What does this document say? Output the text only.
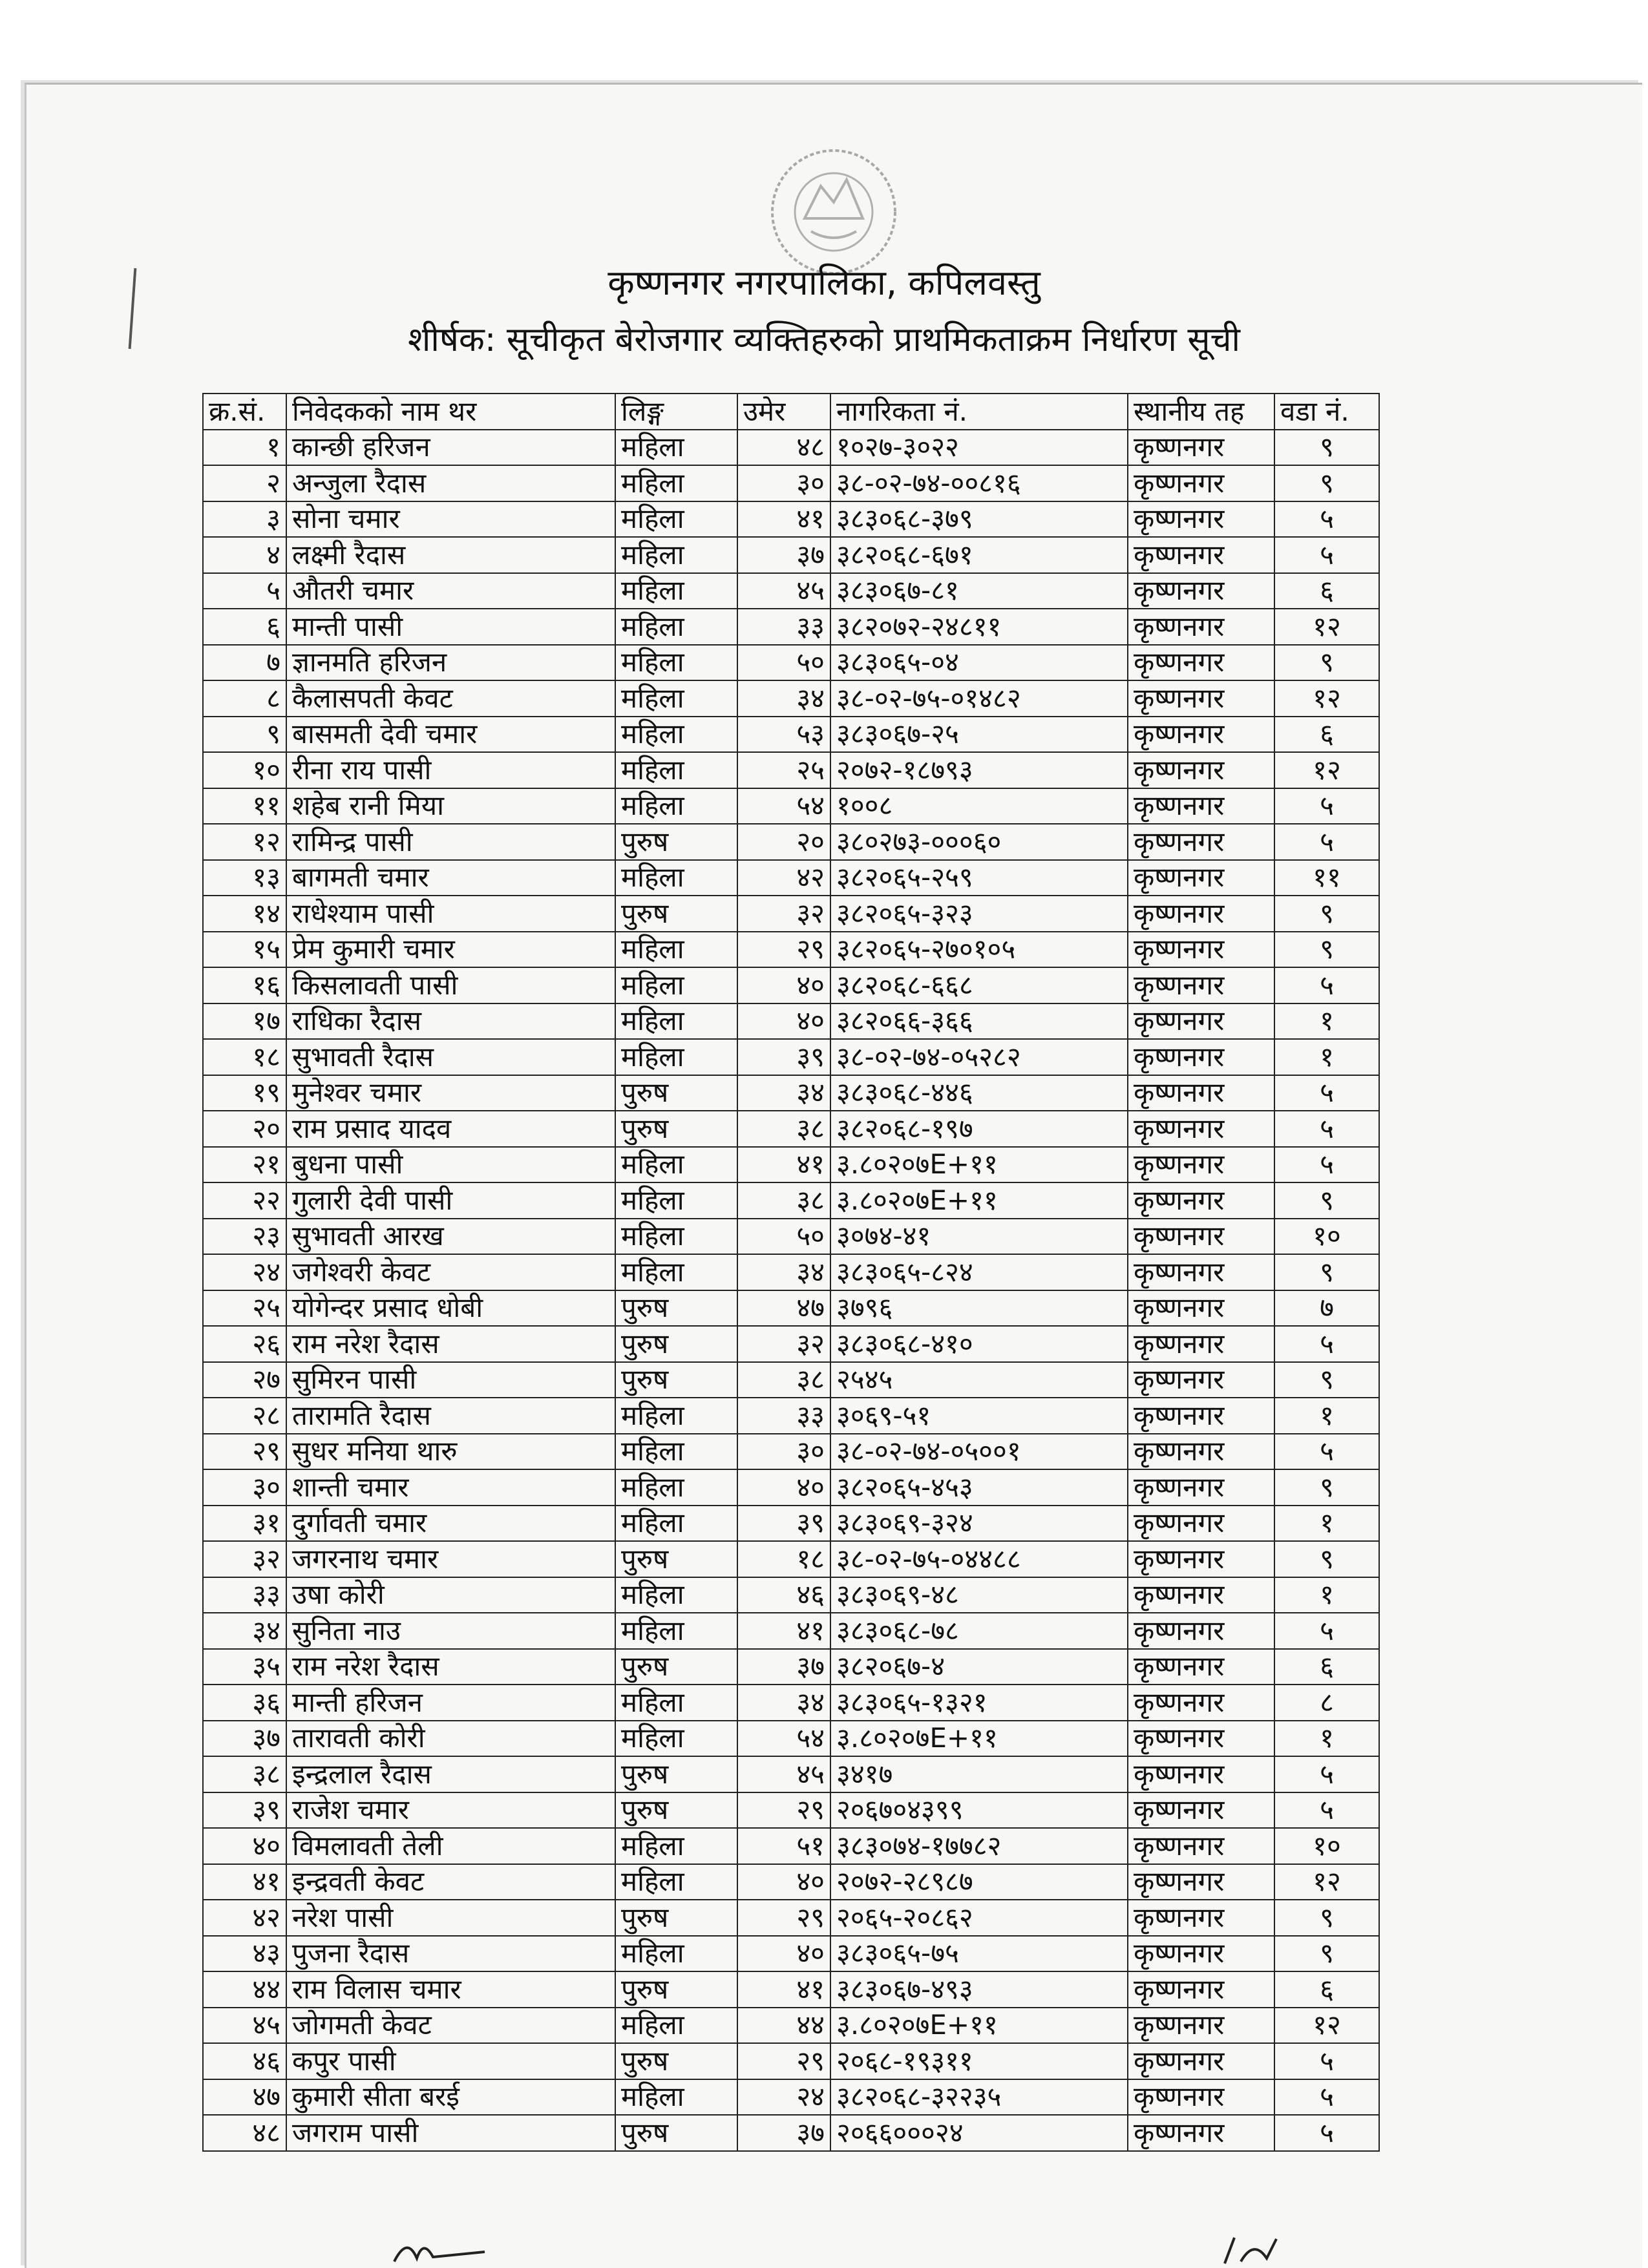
कृष्णनगर नगरपालिका, कपिलवस्तु
शीर्षक: सूचीकृत बेरोजगार व्यक्तिहरुको प्राथमिकताक्रम निर्धारण सूची
क्र.सं.	निवेदकको नाम थर	लिङ्ग	उमेर	नागरिकता नं.	स्थानीय तह	वडा नं.
१	कान्छी हरिजन	महिला	४८	१०२७-३०२२	कृष्णनगर	९
२	अन्जुला रैदास	महिला	३०	३८-०२-७४-००८१६	कृष्णनगर	९
३	सोना चमार	महिला	४१	३८३०६८-३७९	कृष्णनगर	५
४	लक्ष्मी रैदास	महिला	३७	३८२०६८-६७१	कृष्णनगर	५
५	औतरी चमार	महिला	४५	३८३०६७-८१	कृष्णनगर	६
६	मान्ती पासी	महिला	३३	३८२०७२-२४८११	कृष्णनगर	१२
७	ज्ञानमति हरिजन	महिला	५०	३८३०६५-०४	कृष्णनगर	९
८	कैलासपती केवट	महिला	३४	३८-०२-७५-०१४८२	कृष्णनगर	१२
९	बासमती देवी चमार	महिला	५३	३८३०६७-२५	कृष्णनगर	६
१०	रीना राय पासी	महिला	२५	२०७२-१८७९३	कृष्णनगर	१२
११	शहेब रानी मिया	महिला	५४	१००८	कृष्णनगर	५
१२	रामिन्द्र पासी	पुरुष	२०	३८०२७३-०००६०	कृष्णनगर	५
१३	बागमती चमार	महिला	४२	३८२०६५-२५९	कृष्णनगर	११
१४	राधेश्याम पासी	पुरुष	३२	३८२०६५-३२३	कृष्णनगर	९
१५	प्रेम कुमारी चमार	महिला	२९	३८२०६५-२७०१०५	कृष्णनगर	९
१६	किसलावती पासी	महिला	४०	३८२०६८-६६८	कृष्णनगर	५
१७	राधिका रैदास	महिला	४०	३८२०६६-३६६	कृष्णनगर	१
१८	सुभावती रैदास	महिला	३९	३८-०२-७४-०५२८२	कृष्णनगर	१
१९	मुनेश्वर चमार	पुरुष	३४	३८३०६८-४४६	कृष्णनगर	५
२०	राम प्रसाद यादव	पुरुष	३८	३८२०६८-१९७	कृष्णनगर	५
२१	बुधना पासी	महिला	४१	३.८०२०७E+११	कृष्णनगर	५
२२	गुलारी देवी पासी	महिला	३८	३.८०२०७E+११	कृष्णनगर	९
२३	सुभावती आरख	महिला	५०	३०७४-४१	कृष्णनगर	१०
२४	जगेश्वरी केवट	महिला	३४	३८३०६५-८२४	कृष्णनगर	९
२५	योगेन्दर प्रसाद धोबी	पुरुष	४७	३७९६	कृष्णनगर	७
२६	राम नरेश रैदास	पुरुष	३२	३८३०६८-४१०	कृष्णनगर	५
२७	सुमिरन पासी	पुरुष	३८	२५४५	कृष्णनगर	९
२८	तारामति रैदास	महिला	३३	३०६९-५१	कृष्णनगर	१
२९	सुधर मनिया थारु	महिला	३०	३८-०२-७४-०५००१	कृष्णनगर	५
३०	शान्ती चमार	महिला	४०	३८२०६५-४५३	कृष्णनगर	९
३१	दुर्गावती चमार	महिला	३९	३८३०६९-३२४	कृष्णनगर	१
३२	जगरनाथ चमार	पुरुष	१८	३८-०२-७५-०४४८८	कृष्णनगर	९
३३	उषा कोरी	महिला	४६	३८३०६९-४८	कृष्णनगर	१
३४	सुनिता नाउ	महिला	४१	३८३०६८-७८	कृष्णनगर	५
३५	राम नरेश रैदास	पुरुष	३७	३८२०६७-४	कृष्णनगर	६
३६	मान्ती हरिजन	महिला	३४	३८३०६५-१३२१	कृष्णनगर	८
३७	तारावती कोरी	महिला	५४	३.८०२०७E+११	कृष्णनगर	१
३८	इन्द्रलाल रैदास	पुरुष	४५	३४१७	कृष्णनगर	५
३९	राजेश चमार	पुरुष	२९	२०६७०४३९९	कृष्णनगर	५
४०	विमलावती तेली	महिला	५१	३८३०७४-१७७८२	कृष्णनगर	१०
४१	इन्द्रवती केवट	महिला	४०	२०७२-२८९८७	कृष्णनगर	१२
४२	नरेश पासी	पुरुष	२९	२०६५-२०८६२	कृष्णनगर	९
४३	पुजना रैदास	महिला	४०	३८३०६५-७५	कृष्णनगर	९
४४	राम विलास चमार	पुरुष	४१	३८३०६७-४९३	कृष्णनगर	६
४५	जोगमती केवट	महिला	४४	३.८०२०७E+११	कृष्णनगर	१२
४६	कपुर पासी	पुरुष	२९	२०६८-१९३११	कृष्णनगर	५
४७	कुमारी सीता बरई	महिला	२४	३८२०६८-३२२३५	कृष्णनगर	५
४८	जगराम पासी	पुरुष	३७	२०६६०००२४	कृष्णनगर	५
